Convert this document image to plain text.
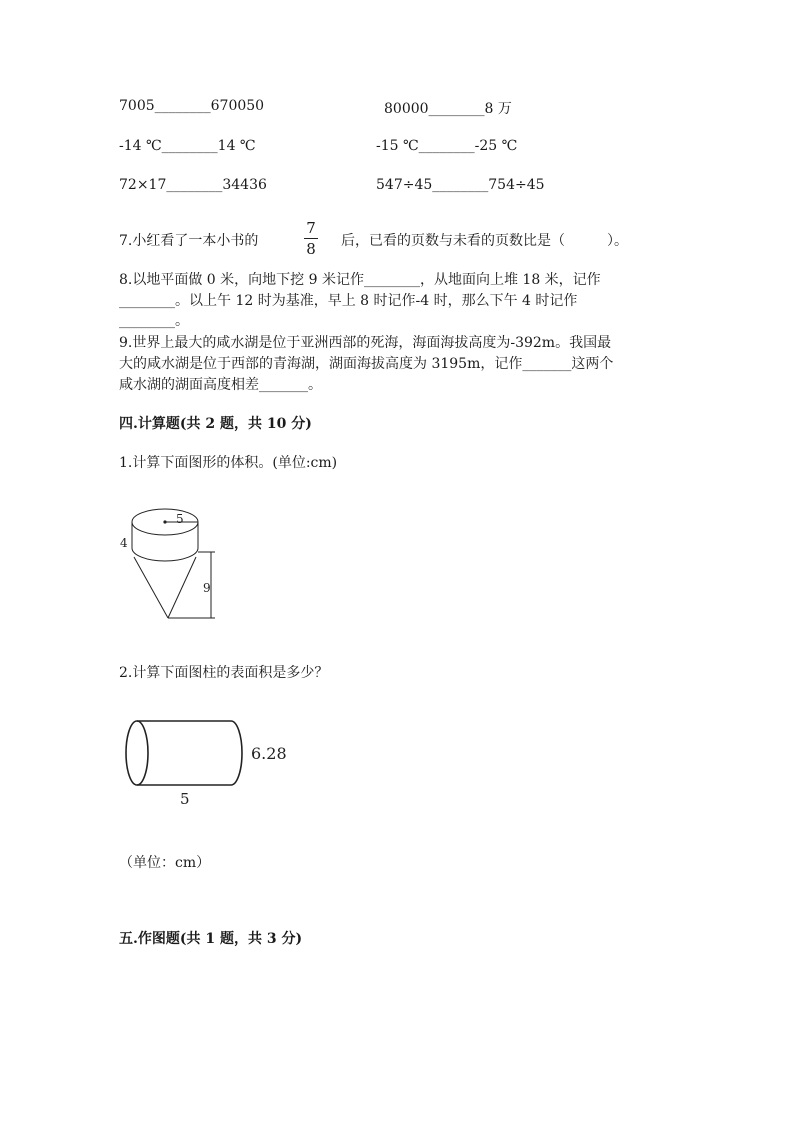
7005________670050	80000________8 万
-14 ℃________14 ℃	-15 ℃________-25 ℃
72×17________34436	547÷45________754÷45
7.小红看了一本小书的
7
8 后，已看的页数与未看的页数比是（　　　）。
8.以地平面做 0 米，向地下挖 9 米记作________，从地面向上堆 18 米，记作
________。以上午 12 时为基准，早上 8 时记作-4 时，那么下午 4 时记作
________。
9.世界上最大的咸水湖是位于亚洲西部的死海，海面海拔高度为-392m。我国最
大的咸水湖是位于西部的青海湖，湖面海拔高度为 3195m，记作_______这两个
咸水湖的湖面高度相差_______。
四.计算题(共 2 题，共 10 分)
1.计算下面图形的体积。(单位:cm)
5
4
9
2.计算下面图柱的表面积是多少？
6.28
5
（单位：cm）
五.作图题(共 1 题，共 3 分)
